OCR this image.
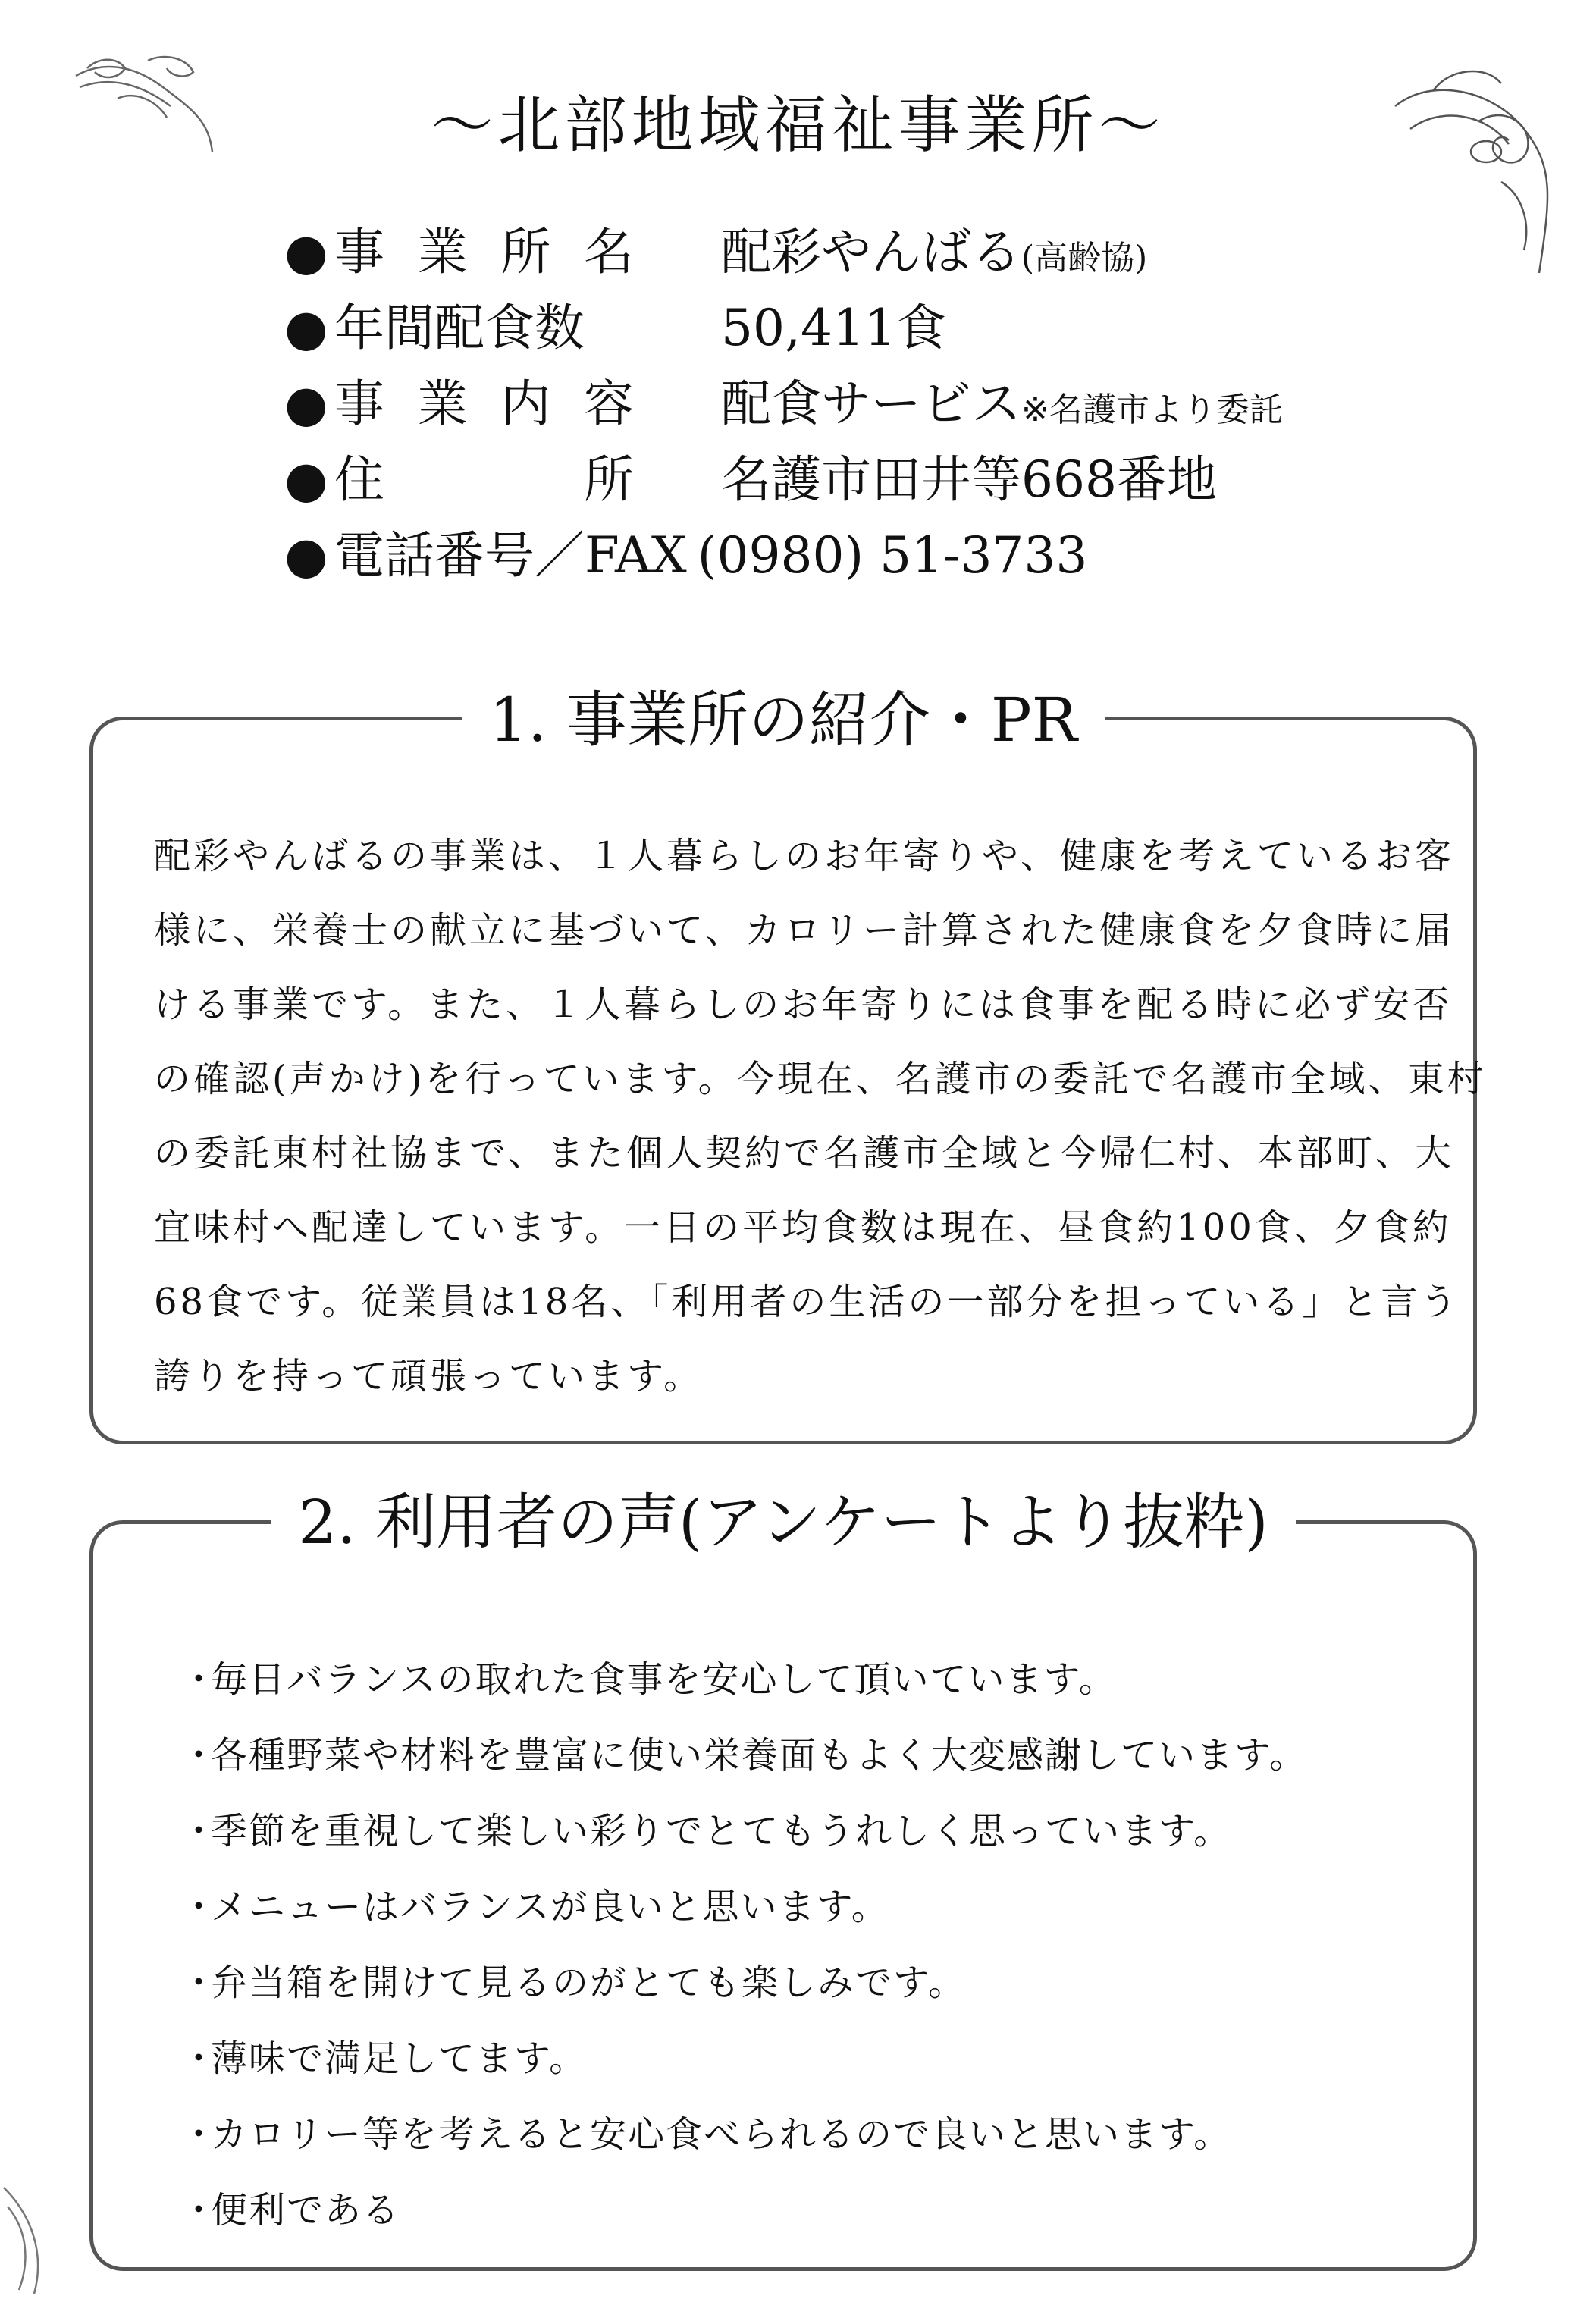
～北部地域福祉事業所～
● 事 業 所 名 配彩やんばる(高齢協)
● 年間配食数	50,411食
● 事 業 内 容 配食サービス※名護市より委託
● 住	所 名護市田井等668番地
● 電話番号／FAX (0980) 51-3733
1. 事業所の紹介・PR
配彩やんばるの事業は、１人暮らしのお年寄りや、健康を考えているお客
様に、栄養士の献立に基づいて、カロリー計算された健康食を夕食時に届
ける事業です。また、１人暮らしのお年寄りには食事を配る時に必ず安否
の確認(声かけ)を行っています。今現在、名護市の委託で名護市全域、東村
の委託東村社協まで、また個人契約で名護市全域と今帰仁村、本部町、大
宜味村へ配達しています。一日の平均食数は現在、昼食約100食、夕食約
68食です。従業員は18名、「利用者の生活の一部分を担っている」と言う
誇りを持って頑張っています。
2. 利用者の声(アンケートより抜粋)
・毎日バランスの取れた食事を安心して頂いています。
・各種野菜や材料を豊富に使い栄養面もよく大変感謝しています。
・季節を重視して楽しい彩りでとてもうれしく思っています。
・メニューはバランスが良いと思います。
・弁当箱を開けて見るのがとても楽しみです。
・薄味で満足してます。
・カロリー等を考えると安心食べられるので良いと思います。
・便利である
